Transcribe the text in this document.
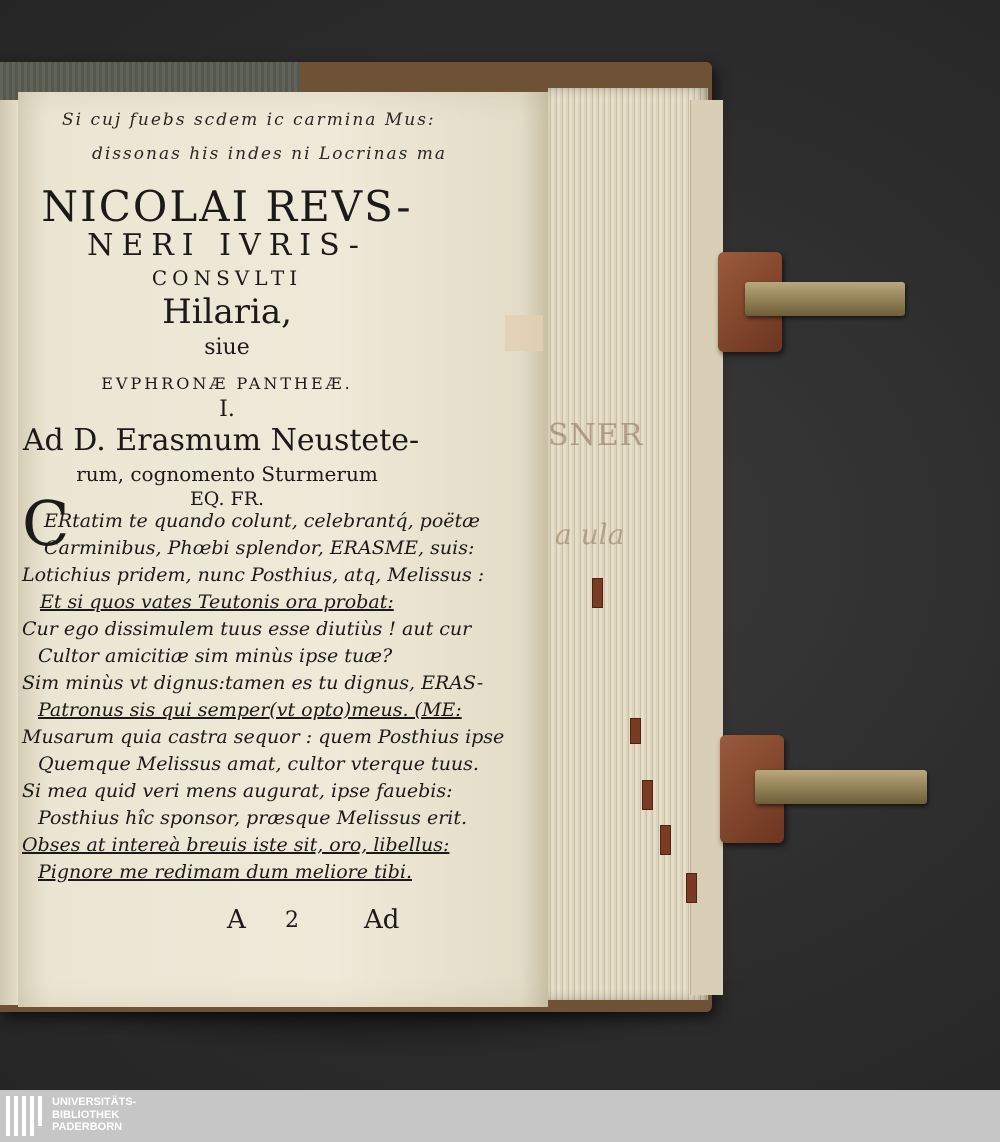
SNER
a ula
Si cuj fuebs scdem ic carmina Mus:
dissonas his indes ni Locrinas ma
NICOLAI REVS-
NERI IVRIS-
CONSVLTI
Hilaria,
siue
EVPHRONÆ PANTHEÆ.
I.
Ad D. Erasmum Neustete-
rum, cognomento Sturmerum
EQ. FR.
C
ERtatim te quando colunt, celebrantq́, poëtæ
Carminibus, Phœbi splendor, ERASME, suis:
Lotichius pridem, nunc Posthius, atq, Melissus :
Et si quos vates Teutonis ora probat:
Cur ego dissimulem tuus esse diutiùs ! aut cur
Cultor amicitiæ sim minùs ipse tuæ?
Sim minùs vt dignus:tamen es tu dignus, ERAS-
Patronus sis qui semper(vt opto)meus. (ME:
Musarum quia castra sequor : quem Posthius ipse
Quemque Melissus amat, cultor vterque tuus.
Si mea quid veri mens augurat, ipse fauebis:
Posthius hîc sponsor, præsque Melissus erit.
Obses at intereà breuis iste sit, oro, libellus:
Pignore me redimam dum meliore tibi.
A 2	Ad
UNIVERSITÄTS-
BIBLIOTHEK
PADERBORN
